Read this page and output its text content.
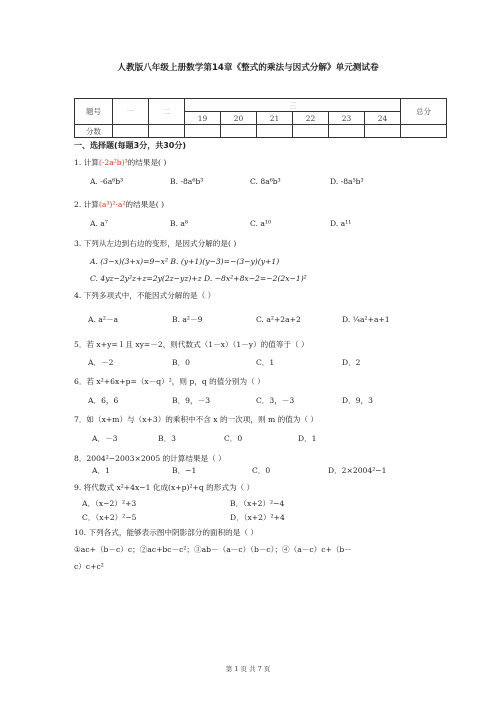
人教版八年级上册数学第14章《整式的乘法与因式分解》单元测试卷
题号	一	二	三						总分
			19	20	21	22	23	24	
分数									
一、选择题(每题3分，共30分)
1. 计算(-2a²b)³的结果是( )
A. -6a⁶b³	B. -8a⁶b³	C. 8a⁶b³	D. -8a⁵b³
2. 计算(a³)²·a²的结果是( )
A. a⁷	B. a⁸	C. a¹⁰	D. a¹¹
3. 下列从左边到右边的变形，是因式分解的是( )
A. (3−x)(3+x)=9−x² B. (y+1)(y−3)=−(3−y)(y+1)
C. 4yz−2y²z+z=2y(2z−yz)+z D. −8x²+8x−2=−2(2x−1)²
4. 下列多项式中，不能因式分解的是（ ）
A. a²－a	B. a²－9	C. a²+2a+2	D. ¼a²+a+1
5．若 x+y=１且 xy=－2，则代数式（1－x）（1－y）的值等于（ ）
A．－2	B．0	C．1	D．2
6．若 x²+6x+p=（x－q）²，则 p，q 的值分别为（ ）
A．6，6	B．9，－3	C．3，－3	D．9，3
7．如（x+m）与（x+3）的乘积中不含 x 的一次项，则 m 的值为（ ）
A．－3	B．3	C．0	D．1
8．2004²−2003×2005 的计算结果是（ ）
A．1	B．−1	C．0	D．2×2004²−1
9. 将代数式 x²+4x−1 化成(x+p)²+q 的形式为（ ）
A．（x−2）²+3	B．（x+2）²−4
C．（x+2）²−5	D．（x+2）²+4
10. 下列各式，能够表示图中阴影部分的面积的是（ ）
①ac+（b－c）c；②ac+bc－c²；③ab－（a－c）（b－c）；④（a－c）c+（b－
c）c+c²
第 1 页 共 7 页
